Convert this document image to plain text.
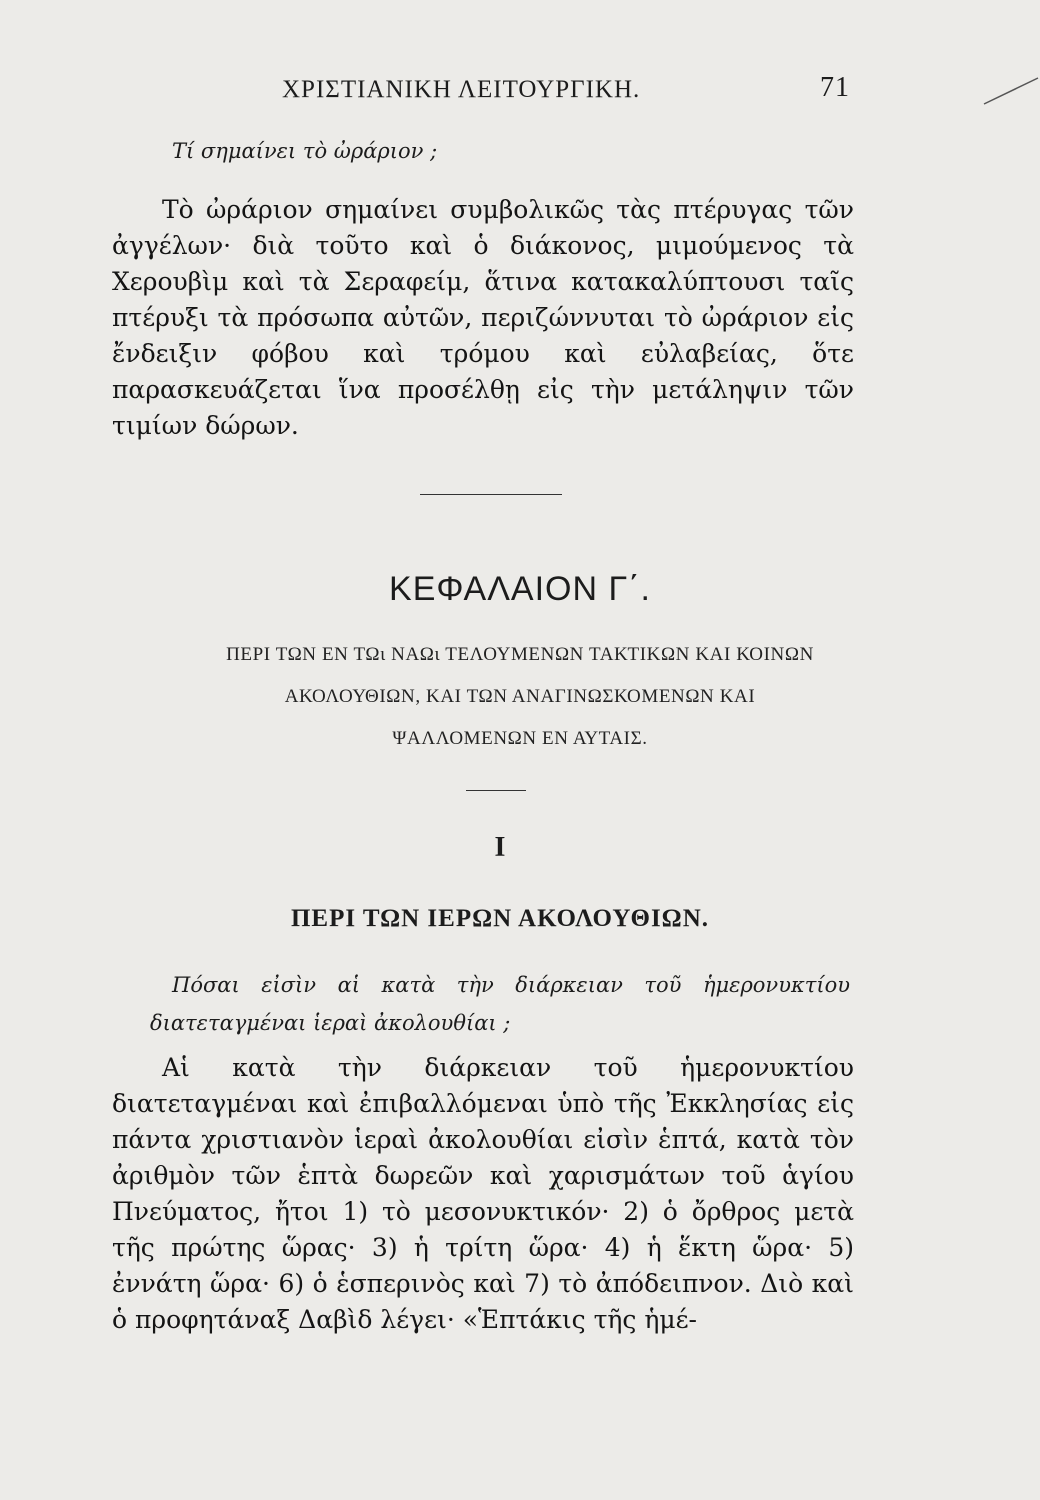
ΧΡΙΣΤΙΑΝΙΚΗ ΛΕΙΤΟΥΡΓΙΚΗ.	71

Τί σημαίνει τὸ ὠράριον ;

Τὸ ὠράριον σημαίνει συμβολικῶς τὰς πτέρυγας τῶν ἀγγέλων· διὰ τοῦτο καὶ ὁ διάκονος, μιμούμενος τὰ Χερουβὶμ καὶ τὰ Σεραφείμ, ἅτινα κατακαλύπτουσι ταῖς πτέρυξι τὰ πρόσωπα αὐτῶν, περιζώννυται τὸ ὠράριον εἰς ἔνδειξιν φόβου καὶ τρόμου καὶ εὐλαβείας, ὅτε παρασκευάζεται ἵνα προσέλθῃ εἰς τὴν μετάληψιν τῶν τιμίων δώρων.

ΚΕΦΑΛΑΙΟΝ Γ΄.
ΠΕΡΙ ΤΩΝ ΕΝ ΤΩι ΝΑΩι ΤΕΛΟΥΜΕΝΩΝ ΤΑΚΤΙΚΩΝ ΚΑΙ ΚΟΙΝΩΝ
ΑΚΟΛΟΥΘΙΩΝ, ΚΑΙ ΤΩΝ ΑΝΑΓΙΝΩΣΚΟΜΕΝΩΝ ΚΑΙ
ΨΑΛΛΟΜΕΝΩΝ ΕΝ ΑΥΤΑΙΣ.
Ι
ΠΕΡΙ ΤΩΝ ΙΕΡΩΝ ΑΚΟΛΟΥΘΙΩΝ.

Πόσαι εἰσὶν αἱ κατὰ τὴν διάρκειαν τοῦ ἡμερονυκτίου διατεταγμέναι ἱεραὶ ἀκολουθίαι ;

Αἱ κατὰ τὴν διάρκειαν τοῦ ἡμερονυκτίου διατεταγμέναι καὶ ἐπιβαλλόμεναι ὑπὸ τῆς Ἐκκλησίας εἰς πάντα χριστιανὸν ἱεραὶ ἀκολουθίαι εἰσὶν ἑπτά, κατὰ τὸν ἀριθμὸν τῶν ἑπτὰ δωρεῶν καὶ χαρισμάτων τοῦ ἁγίου Πνεύματος, ἤτοι 1) τὸ μεσονυκτικόν· 2) ὁ ὄρθρος μετὰ τῆς πρώτης ὥρας· 3) ἡ τρίτη ὥρα· 4) ἡ ἕκτη ὥρα· 5) ἐννάτη ὥρα· 6) ὁ ἑσπερινὸς καὶ 7) τὸ ἀπόδειπνον. Διὸ καὶ ὁ προφητάναξ Δαβὶδ λέγει· «Ἑπτάκις τῆς ἡμέ-
